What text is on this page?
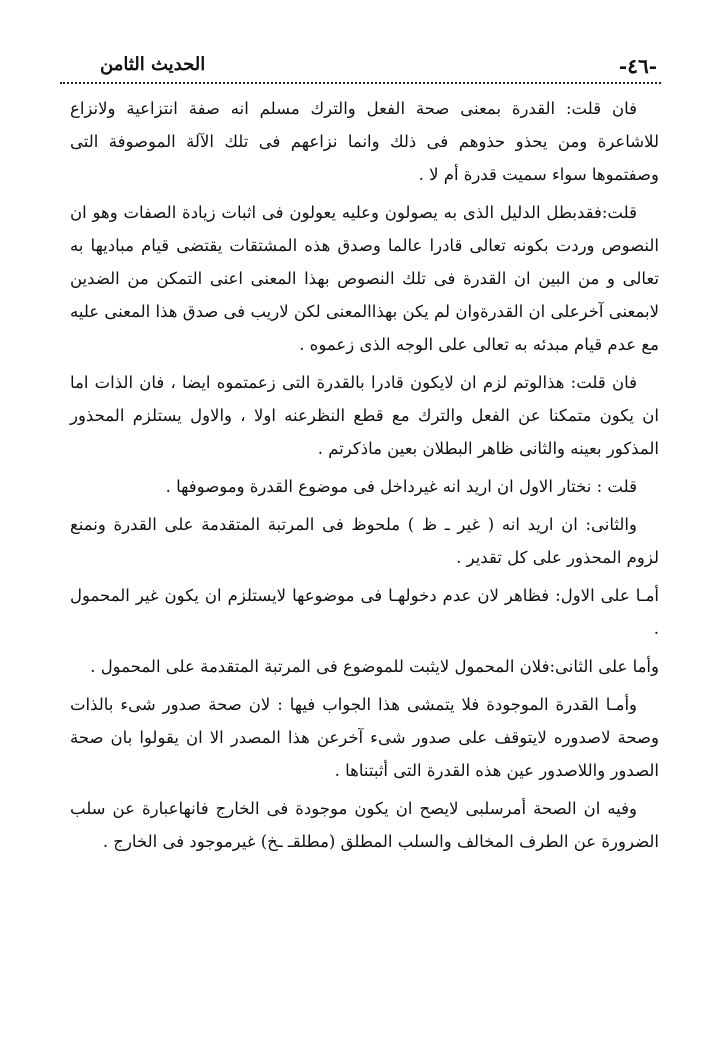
-٤٦-
الحديث الثامن

فان قلت: القدرة بمعنى صحة الفعل والترك مسلم انه صفة انتزاعية ولانزاع للاشاعرة ومن يحذو حذوهم فى ذلك وانما نزاعهم فى تلك الآلة الموصوفة التى وصفتموها سواء سميت قدرة أم لا .

قلت:فقدبطل الدليل الذى به يصولون وعليه يعولون فى اثبات زيادة الصفات وهو ان النصوص وردت بكونه تعالى قادرا عالما وصدق هذه المشتقات يقتضى قيام مباديها به تعالى و من البين ان القدرة فى تلك النصوص بهذا المعنى اعنى التمكن من الضدين لابمعنى آخرعلى ان القدرةوان لم يكن بهذاالمعنى لكن لاريب فى صدق هذا المعنى عليه مع عدم قيام مبدئه به تعالى على الوجه الذى زعموه .

فان قلت: هذالوتم لزم ان لايكون قادرا بالقدرة التى زعمتموه ايضا ، فان الذات اما ان يكون متمكنا عن الفعل والترك مع قطع النظرعنه اولا ، والاول يستلزم المحذور المذكور بعينه والثانى ظاهر البطلان بعين ماذكرتم .

قلت : نختار الاول ان اريد انه غيرداخل فى موضوع القدرة وموصوفها .

والثانى: ان اريد انه ( غير ـ ظ ) ملحوظ فى المرتبة المتقدمة على القدرة ونمنع لزوم المحذور على كل تقدير .

أمـا على الاول: فظاهر لان عدم دخولهـا فى موضوعها لايستلزم ان يكون غير المحمول .

وأما على الثانى:فلان المحمول لايثبت للموضوع فى المرتبة المتقدمة على المحمول .

وأمـا القدرة الموجودة فلا يتمشى هذا الجواب فيها : لان صحة صدور شىء بالذات وصحة لاصدوره لايتوقف على صدور شىء آخرعن هذا المصدر الا ان يقولوا بان صحة الصدور واللاصدور عين هذه القدرة التى أثبتناها .

وفيه ان الصحة أمرسلبى لايصح ان يكون موجودة فى الخارج فانهاعبارة عن سلب الضرورة عن الطرف المخالف والسلب المطلق (مطلقـ ـخ) غيرموجود فى الخارج .
